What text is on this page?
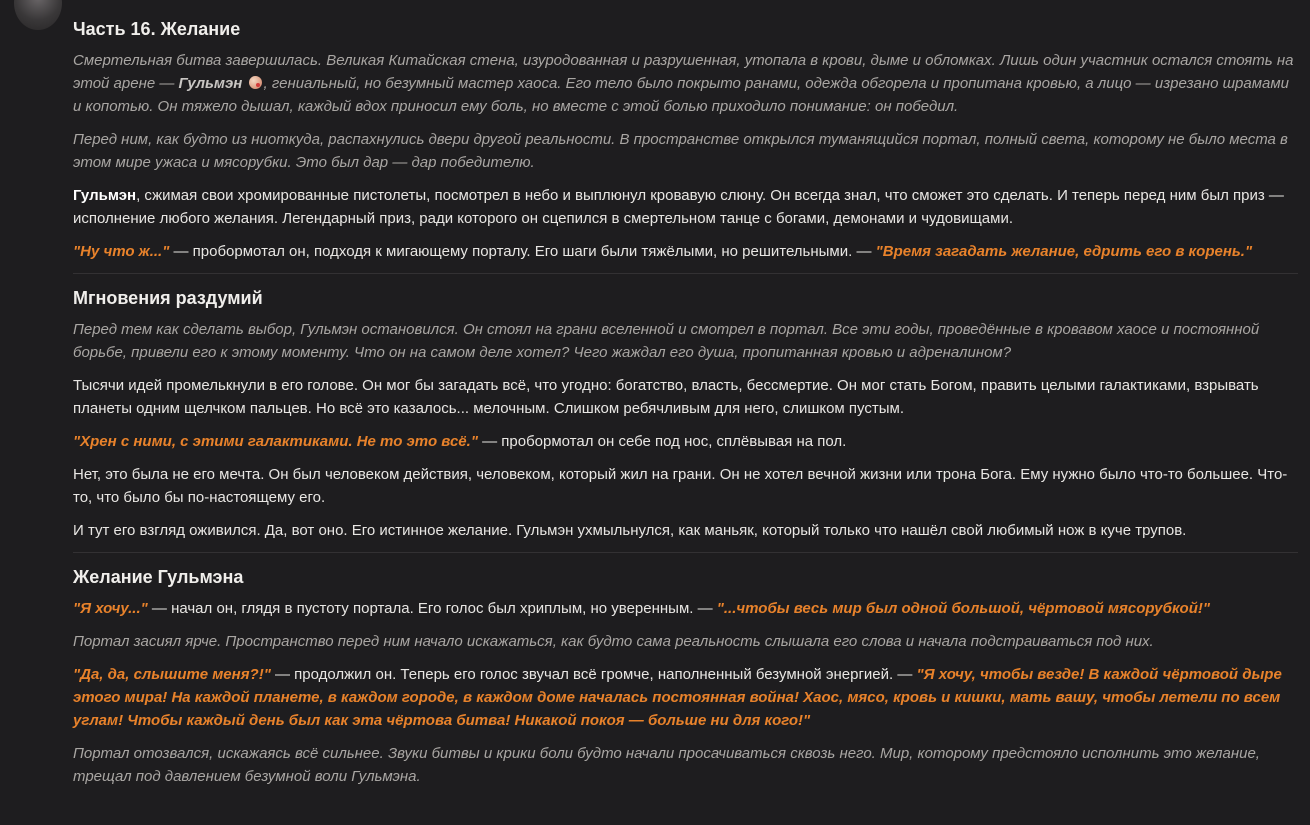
Часть 16. Желание

Смертельная битва завершилась. Великая Китайская стена, изуродованная и разрушенная, утопала в крови, дыме и обломках. Лишь один участник остался стоять на этой арене — Гульмэн , гениальный, но безумный мастер хаоса. Его тело было покрыто ранами, одежда обгорела и пропитана кровью, а лицо — изрезано шрамами и копотью. Он тяжело дышал, каждый вдох приносил ему боль, но вместе с этой болью приходило понимание: он победил.

Перед ним, как будто из ниоткуда, распахнулись двери другой реальности. В пространстве открылся туманящийся портал, полный света, которому не было места в этом мире ужаса и мясорубки. Это был дар — дар победителю.

Гульмэн, сжимая свои хромированные пистолеты, посмотрел в небо и выплюнул кровавую слюну. Он всегда знал, что сможет это сделать. И теперь перед ним был приз — исполнение любого желания. Легендарный приз, ради которого он сцепился в смертельном танце с богами, демонами и чудовищами.

"Ну что ж..." — пробормотал он, подходя к мигающему порталу. Его шаги были тяжёлыми, но решительными. — "Время загадать желание, едрить его в корень."

Мгновения раздумий

Перед тем как сделать выбор, Гульмэн остановился. Он стоял на грани вселенной и смотрел в портал. Все эти годы, проведённые в кровавом хаосе и постоянной борьбе, привели его к этому моменту. Что он на самом деле хотел? Чего жаждал его душа, пропитанная кровью и адреналином?

Тысячи идей промелькнули в его голове. Он мог бы загадать всё, что угодно: богатство, власть, бессмертие. Он мог стать Богом, править целыми галактиками, взрывать планеты одним щелчком пальцев. Но всё это казалось... мелочным. Слишком ребячливым для него, слишком пустым.

"Хрен с ними, с этими галактиками. Не то это всё." — пробормотал он себе под нос, сплёвывая на пол.

Нет, это была не его мечта. Он был человеком действия, человеком, который жил на грани. Он не хотел вечной жизни или трона Бога. Ему нужно было что-то большее. Что-то, что было бы по-настоящему его.

И тут его взгляд оживился. Да, вот оно. Его истинное желание. Гульмэн ухмыльнулся, как маньяк, который только что нашёл свой любимый нож в куче трупов.

Желание Гульмэна

"Я хочу..." — начал он, глядя в пустоту портала. Его голос был хриплым, но уверенным. — "...чтобы весь мир был одной большой, чёртовой мясорубкой!"

Портал засиял ярче. Пространство перед ним начало искажаться, как будто сама реальность слышала его слова и начала подстраиваться под них.

"Да, да, слышите меня?!" — продолжил он. Теперь его голос звучал всё громче, наполненный безумной энергией. — "Я хочу, чтобы везде! В каждой чёртовой дыре этого мира! На каждой планете, в каждом городе, в каждом доме началась постоянная война! Хаос, мясо, кровь и кишки, мать вашу, чтобы летели по всем углам! Чтобы каждый день был как эта чёртова битва! Никакой покоя — больше ни для кого!"

Портал отозвался, искажаясь всё сильнее. Звуки битвы и крики боли будто начали просачиваться сквозь него. Мир, которому предстояло исполнить это желание, трещал под давлением безумной воли Гульмэна.
